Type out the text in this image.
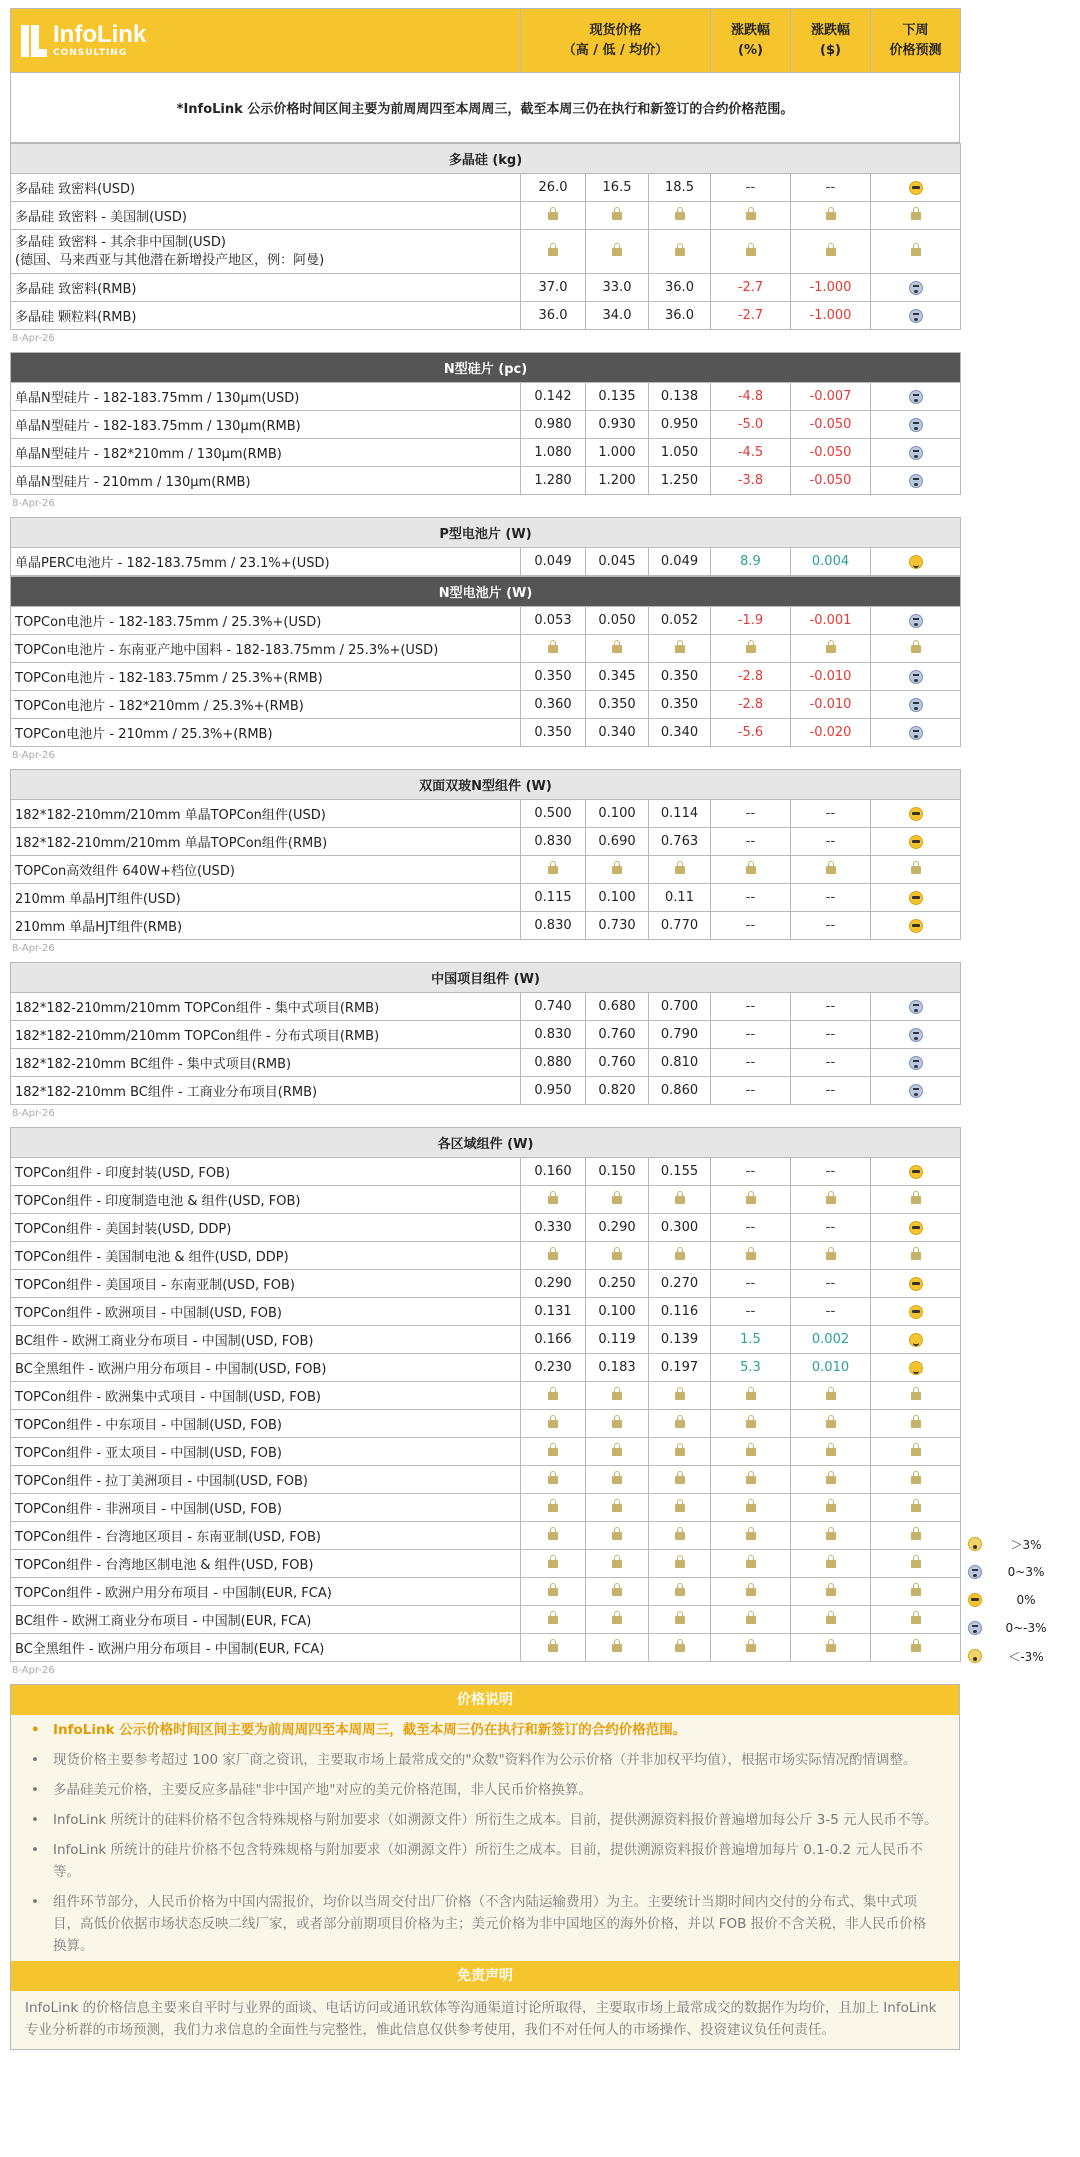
InfoLink
CONSULTING

现货价格
（高 / 低 / 均价）

涨跌幅
(%)

涨跌幅
($)

下周
价格预测
*InfoLink 公示价格时间区间主要为前周周四至本周周三，截至本周三仍在执行和新签订的合约价格范围。
多晶硅 (kg)						
多晶硅 致密料(USD)	26.0	16.5	18.5	--	--	
多晶硅 致密料 - 美国制(USD)						

多晶硅 致密料 - 其余非中国制(USD)
(德国、马来西亚与其他潜在新增投产地区，例：阿曼)						

多晶硅 致密料(RMB)	37.0	33.0	36.0	-2.7	-1.000	
多晶硅 颗粒料(RMB)	36.0	34.0	36.0	-2.7	-1.000	
8-Apr-26
N型硅片 (pc)						
单晶N型硅片 - 182-183.75mm / 130μm(USD)	0.142	0.135	0.138	-4.8	-0.007	
单晶N型硅片 - 182-183.75mm / 130μm(RMB)	0.980	0.930	0.950	-5.0	-0.050	
单晶N型硅片 - 182*210mm / 130μm(RMB)	1.080	1.000	1.050	-4.5	-0.050	
单晶N型硅片 - 210mm / 130μm(RMB)	1.280	1.200	1.250	-3.8	-0.050	
8-Apr-26
P型电池片 (W)
单晶PERC电池片 - 182-183.75mm / 23.1%+(USD)	0.049	0.045	0.049	8.9	0.004	
N型电池片 (W)						
TOPCon电池片 - 182-183.75mm / 25.3%+(USD)	0.053	0.050	0.052	-1.9	-0.001	
TOPCon电池片 - 东南亚产地中国料 - 182-183.75mm / 25.3%+(USD)						
TOPCon电池片 - 182-183.75mm / 25.3%+(RMB)	0.350	0.345	0.350	-2.8	-0.010	
TOPCon电池片 - 182*210mm / 25.3%+(RMB)	0.360	0.350	0.350	-2.8	-0.010	
TOPCon电池片 - 210mm / 25.3%+(RMB)	0.350	0.340	0.340	-5.6	-0.020	
8-Apr-26
双面双玻N型组件 (W)						
182*182-210mm/210mm 单晶TOPCon组件(USD)	0.500	0.100	0.114	--	--	
182*182-210mm/210mm 单晶TOPCon组件(RMB)	0.830	0.690	0.763	--	--	
TOPCon高效组件 640W+档位(USD)						
210mm 单晶HJT组件(USD)	0.115	0.100	0.11	--	--	
210mm 单晶HJT组件(RMB)	0.830	0.730	0.770	--	--	
8-Apr-26
中国项目组件 (W)						
182*182-210mm/210mm TOPCon组件 - 集中式项目(RMB)	0.740	0.680	0.700	--	--	
182*182-210mm/210mm TOPCon组件 - 分布式项目(RMB)	0.830	0.760	0.790	--	--	
182*182-210mm BC组件 - 集中式项目(RMB)	0.880	0.760	0.810	--	--	
182*182-210mm BC组件 - 工商业分布项目(RMB)	0.950	0.820	0.860	--	--	
8-Apr-26
各区域组件 (W)						
TOPCon组件 - 印度封装(USD, FOB)	0.160	0.150	0.155	--	--	
TOPCon组件 - 印度制造电池 & 组件(USD, FOB)						
TOPCon组件 - 美国封装(USD, DDP)	0.330	0.290	0.300	--	--	
TOPCon组件 - 美国制电池 & 组件(USD, DDP)						
TOPCon组件 - 美国项目 - 东南亚制(USD, FOB)	0.290	0.250	0.270	--	--	
TOPCon组件 - 欧洲项目 - 中国制(USD, FOB)	0.131	0.100	0.116	--	--	
BC组件 - 欧洲工商业分布项目 - 中国制(USD, FOB)	0.166	0.119	0.139	1.5	0.002	
BC全黑组件 - 欧洲户用分布项目 - 中国制(USD, FOB)	0.230	0.183	0.197	5.3	0.010	
TOPCon组件 - 欧洲集中式项目 - 中国制(USD, FOB)						
TOPCon组件 - 中东项目 - 中国制(USD, FOB)						
TOPCon组件 - 亚太项目 - 中国制(USD, FOB)						
TOPCon组件 - 拉丁美洲项目 - 中国制(USD, FOB)						
TOPCon组件 - 非洲项目 - 中国制(USD, FOB)						
TOPCon组件 - 台湾地区项目 - 东南亚制(USD, FOB)						
TOPCon组件 - 台湾地区制电池 & 组件(USD, FOB)						
TOPCon组件 - 欧洲户用分布项目 - 中国制(EUR, FCA)						
BC组件 - 欧洲工商业分布项目 - 中国制(EUR, FCA)						
BC全黑组件 - 欧洲户用分布项目 - 中国制(EUR, FCA)						
8-Apr-26
价格说明
• InfoLink 公示价格时间区间主要为前周周四至本周周三，截至本周三仍在执行和新签订的合约价格范围。
• 现货价格主要参考超过 100 家厂商之资讯，主要取市场上最常成交的"众数"资料作为公示价格（并非加权平均值），根据市场实际情况酌情调整。
• 多晶硅美元价格，主要反应多晶硅"非中国产地"对应的美元价格范围，非人民币价格换算。
• InfoLink 所统计的硅料价格不包含特殊规格与附加要求（如溯源文件）所衍生之成本。目前，提供溯源资料报价普遍增加每公斤 3-5 元人民币不等。
• InfoLink 所统计的硅片价格不包含特殊规格与附加要求（如溯源文件）所衍生之成本。目前，提供溯源资料报价普遍增加每片 0.1-0.2 元人民币不等。
• 组件环节部分，人民币价格为中国内需报价，均价以当周交付出厂价格（不含内陆运输费用）为主。主要统计当期时间内交付的分布式、集中式项目，高低价依据市场状态反映二线厂家，或者部分前期项目价格为主；美元价格为非中国地区的海外价格，并以 FOB 报价不含关税，非人民币价格换算。
免责声明
InfoLink 的价格信息主要来自平时与业界的面谈、电话访问或通讯软体等沟通渠道讨论所取得，主要取市场上最常成交的数据作为均价，且加上 InfoLink 专业分析群的市场预测，我们力求信息的全面性与完整性，惟此信息仅供参考使用，我们不对任何人的市场操作、投资建议负任何责任。
＞3%
0~3%
0%
0~-3%
＜-3%
